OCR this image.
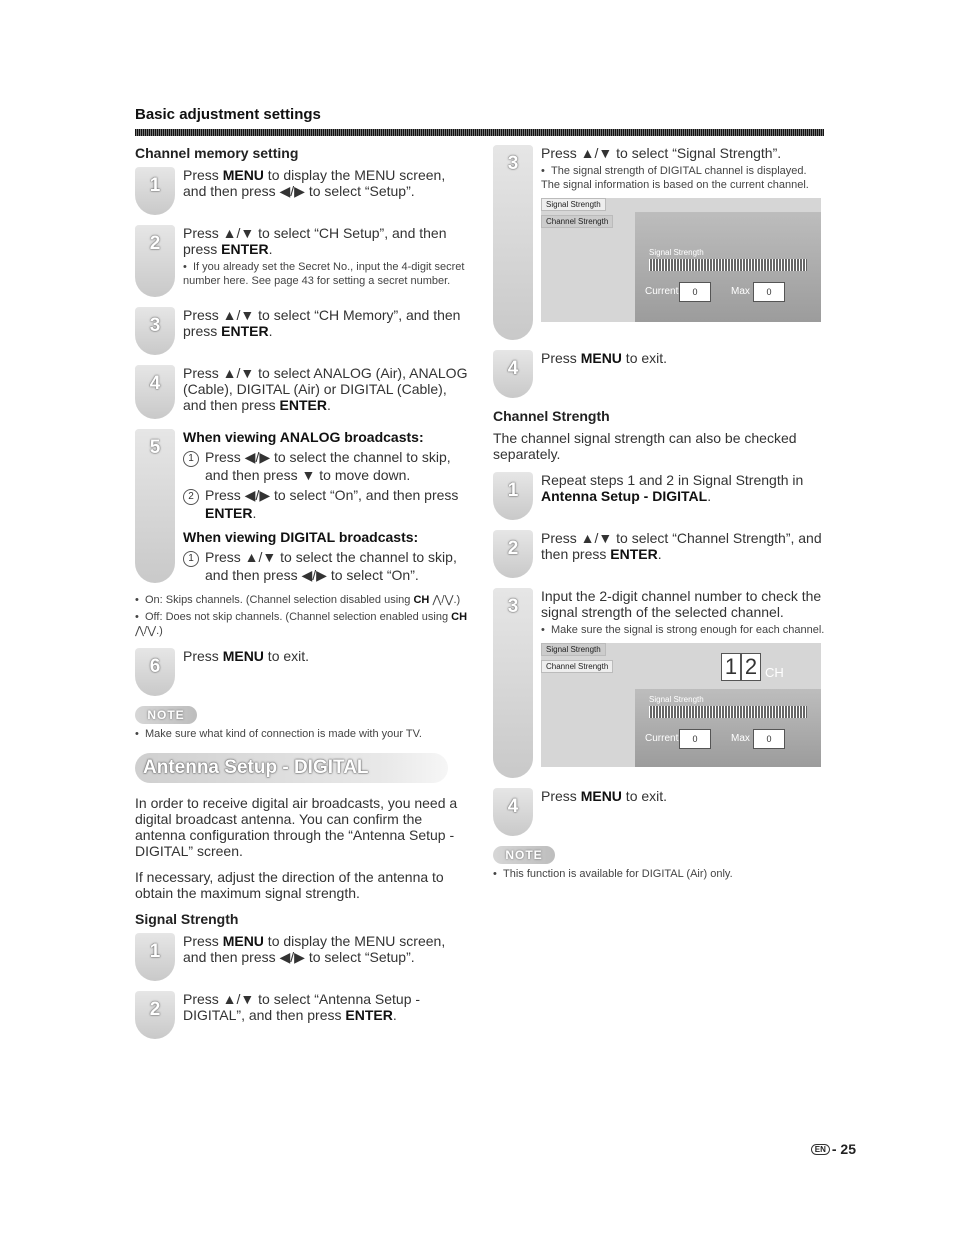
Basic adjustment settings
Channel memory setting
1	Press MENU to display the MENU screen, and then press ◀/▶ to select “Setup”.
2	Press ▲/▼ to select “CH Setup”, and then press ENTER.
• If you already set the Secret No., input the 4-digit secret number here. See page 43 for setting a secret number.
3	Press ▲/▼ to select “CH Memory”, and then press ENTER.
4	Press ▲/▼ to select ANALOG (Air), ANALOG (Cable), DIGITAL (Air) or DIGITAL (Cable), and then press ENTER.
5	When viewing ANALOG broadcasts:
1 Press ◀/▶ to select the channel to skip, and then press ▼ to move down.
2 Press ◀/▶ to select “On”, and then press ENTER.
When viewing DIGITAL broadcasts:
1 Press ▲/▼ to select the channel to skip, and then press ◀/▶ to select “On”.
• On: Skips channels. (Channel selection disabled using CH ⋀/⋁.)
• Off: Does not skip channels. (Channel selection enabled using CH ⋀/⋁.)
6	Press MENU to exit.
NOTE
• Make sure what kind of connection is made with your TV.
Antenna Setup - DIGITAL

In order to receive digital air broadcasts, you need a digital broadcast antenna. You can confirm the antenna configuration through the “Antenna Setup - DIGITAL” screen.

If necessary, adjust the direction of the antenna to obtain the maximum signal strength.

Signal Strength
1	Press MENU to display the MENU screen, and then press ◀/▶ to select “Setup”.
2	Press ▲/▼ to select “Antenna Setup - DIGITAL”, and then press ENTER.
3	Press ▲/▼ to select “Signal Strength”.
• The signal strength of DIGITAL channel is displayed. The signal information is based on the current channel.
Signal Strength
Channel Strength
Signal Strength
Current	0	Max	0
4	Press MENU to exit.
Channel Strength

The channel signal strength can also be checked separately.

1	Repeat steps 1 and 2 in Signal Strength in Antenna Setup - DIGITAL.
2	Press ▲/▼ to select “Channel Strength”, and then press ENTER.
3	Input the 2-digit channel number to check the signal strength of the selected channel.
• Make sure the signal is strong enough for each channel.
Signal Strength
Channel Strength	1 2 CH
Signal Strength
Current	0	Max	0
4	Press MENU to exit.
NOTE
• This function is available for DIGITAL (Air) only.
EN - 25
